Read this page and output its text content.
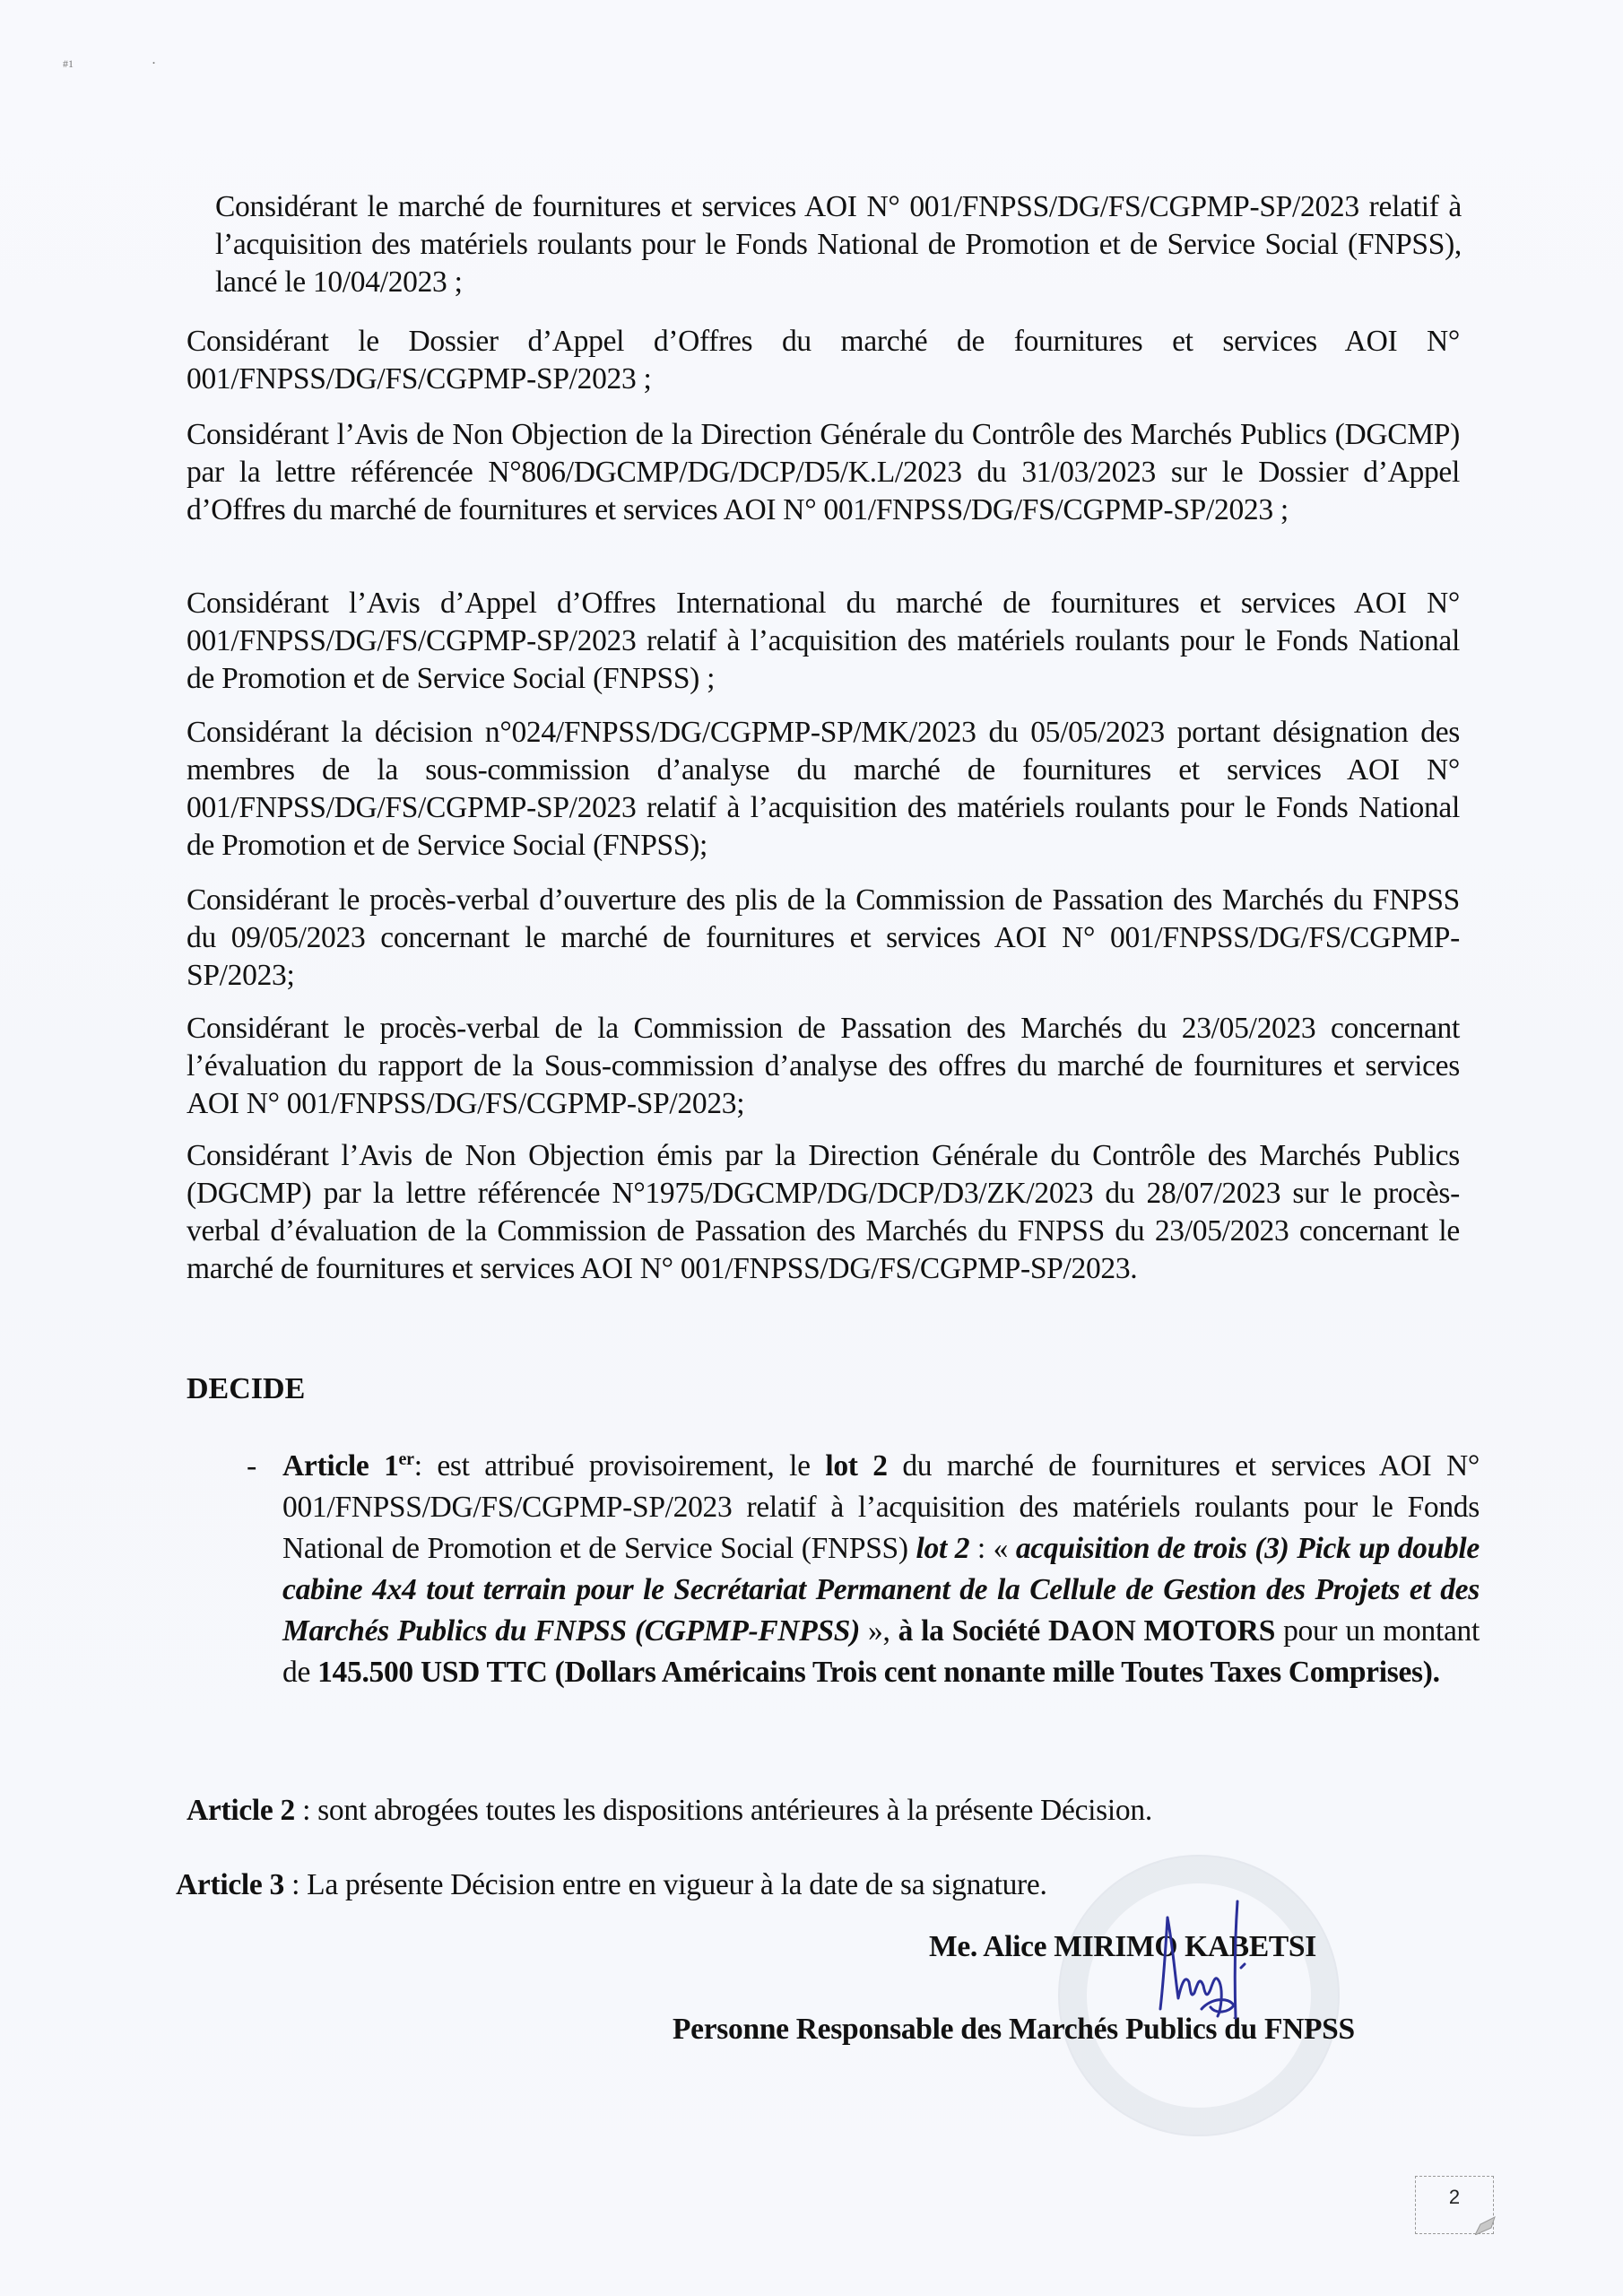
#1	.

Considérant le marché de fournitures et services AOI N° 001/FNPSS/DG/FS/CGPMP-SP/2023 relatif à l’acquisition des matériels roulants pour le Fonds National de Promotion et de Service Social (FNPSS), lancé le 10/04/2023 ;

Considérant le Dossier d’Appel d’Offres du marché de fournitures et services AOI N° 001/FNPSS/DG/FS/CGPMP-SP/2023 ;

Considérant l’Avis de Non Objection de la Direction Générale du Contrôle des Marchés Publics (DGCMP) par la lettre référencée N°806/DGCMP/DG/DCP/D5/K.L/2023 du 31/03/2023 sur le Dossier d’Appel d’Offres du marché de fournitures et services AOI N° 001/FNPSS/DG/FS/CGPMP-SP/2023 ;

Considérant l’Avis d’Appel d’Offres International du marché de fournitures et services AOI N° 001/FNPSS/DG/FS/CGPMP-SP/2023 relatif à l’acquisition des matériels roulants pour le Fonds National de Promotion et de Service Social (FNPSS) ;

Considérant la décision n°024/FNPSS/DG/CGPMP-SP/MK/2023 du 05/05/2023 portant désignation des membres de la sous-commission d’analyse du marché de fournitures et services AOI N° 001/FNPSS/DG/FS/CGPMP-SP/2023 relatif à l’acquisition des matériels roulants pour le Fonds National de Promotion et de Service Social (FNPSS);

Considérant le procès-verbal d’ouverture des plis de la Commission de Passation des Marchés du FNPSS du 09/05/2023 concernant le marché de fournitures et services AOI N° 001/FNPSS/DG/FS/CGPMP-SP/2023;

Considérant le procès-verbal de la Commission de Passation des Marchés du 23/05/2023 concernant l’évaluation du rapport de la Sous-commission d’analyse des offres du marché de fournitures et services AOI N° 001/FNPSS/DG/FS/CGPMP-SP/2023;

Considérant l’Avis de Non Objection émis par la Direction Générale du Contrôle des Marchés Publics (DGCMP) par la lettre référencée N°1975/DGCMP/DG/DCP/D3/ZK/2023 du 28/07/2023 sur le procès-verbal d’évaluation de la Commission de Passation des Marchés du FNPSS du 23/05/2023 concernant le marché de fournitures et services AOI N° 001/FNPSS/DG/FS/CGPMP-SP/2023.

DECIDE
- Article 1er: est attribué provisoirement, le lot 2 du marché de fournitures et services AOI N° 001/FNPSS/DG/FS/CGPMP-SP/2023 relatif à l’acquisition des matériels roulants pour le Fonds National de Promotion et de Service Social (FNPSS) lot 2 : « acquisition de trois (3) Pick up double cabine 4x4 tout terrain pour le Secrétariat Permanent de la Cellule de Gestion des Projets et des Marchés Publics du FNPSS (CGPMP-FNPSS) », à la Société DAON MOTORS pour un montant de 145.500 USD TTC (Dollars Américains Trois cent nonante mille Toutes Taxes Comprises).
Article 2 : sont abrogées toutes les dispositions antérieures à la présente Décision.
Article 3 : La présente Décision entre en vigueur à la date de sa signature.
Me. Alice MIRIMO KABETSI
Personne Responsable des Marchés Publics du FNPSS
2
